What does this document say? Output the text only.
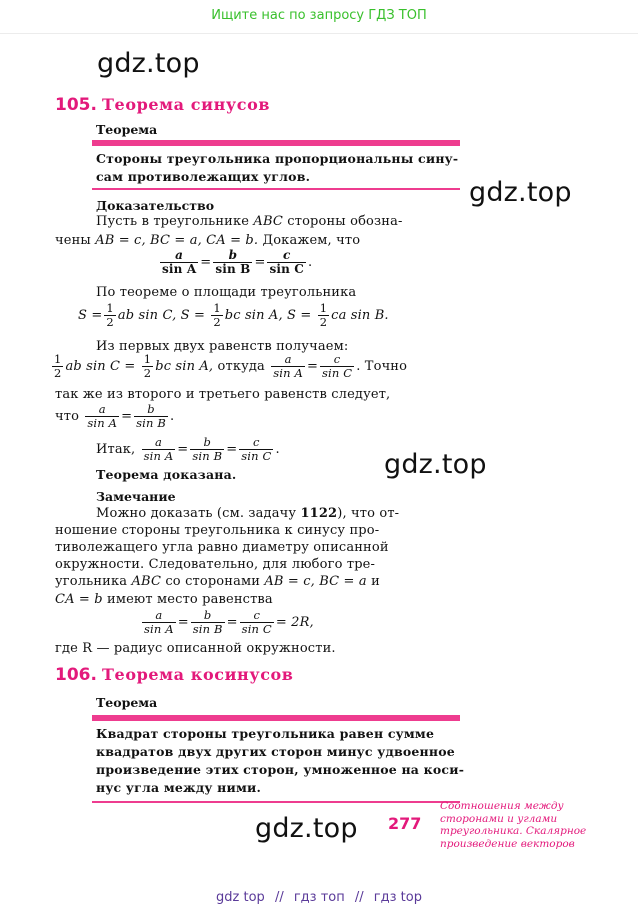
Ищите нас по запросу ГДЗ ТОП
gdz.top
gdz.top
gdz.top
gdz.top
105. Теорема синусов
Теорема
Стороны треугольника пропорциональны сину-
сам противолежащих углов.
Доказательство
Пусть в треугольнике ABC стороны обозна-
чены AB = c, BC = a, CA = b. Докажем, что
$\frac{a}{\text{sin A}} = \frac{b}{\text{sin B}} = \frac{c}{\text{sin C}}$ .
По теореме о площади треугольника
$S = \frac{1}{2}$ ab sin C, $S = \frac{1}{2}$ bc sin A, $S = \frac{1}{2}$ ca sin B.
Из первых двух равенств получаем:
$\frac{1}{2}$ ab $\sin C = \frac{1}{2}$ bc sin A, откуда $\frac{a}{\text{sin A}} = \frac{c}{\text{sin C}}$ . Точно
так же из второго и третьего равенств следует,
что $\frac{a}{\text{sin A}} = \frac{b}{\text{sin B}}$ .
Итак, $\frac{a}{\text{sin A}} = \frac{b}{\text{sin B}} = \frac{c}{\text{sin C}}$ .
Теорема доказана.
Замечание
Можно доказать (см. задачу 1122), что от-
ношение стороны треугольника к синусу про-
тиволежащего угла равно диаметру описанной
окружности. Следовательно, для любого тре-
угольника ABC со сторонами AB = c, BC = a и
CA = b имеют место равенства
$\frac{a}{\text{sin A}} = \frac{b}{\text{sin B}} = \frac{c}{\text{sin C}} = 2R$,
где R — радиус описанной окружности.
106. Теорема косинусов
Теорема
Квадрат стороны треугольника равен сумме
квадратов двух других сторон минус удвоенное
произведение этих сторон, умноженное на коси-
нус угла между ними.
277
Соотношения между
сторонами и углами
треугольника. Скалярное
произведение векторов
gdz top // гдз топ // гдз top
